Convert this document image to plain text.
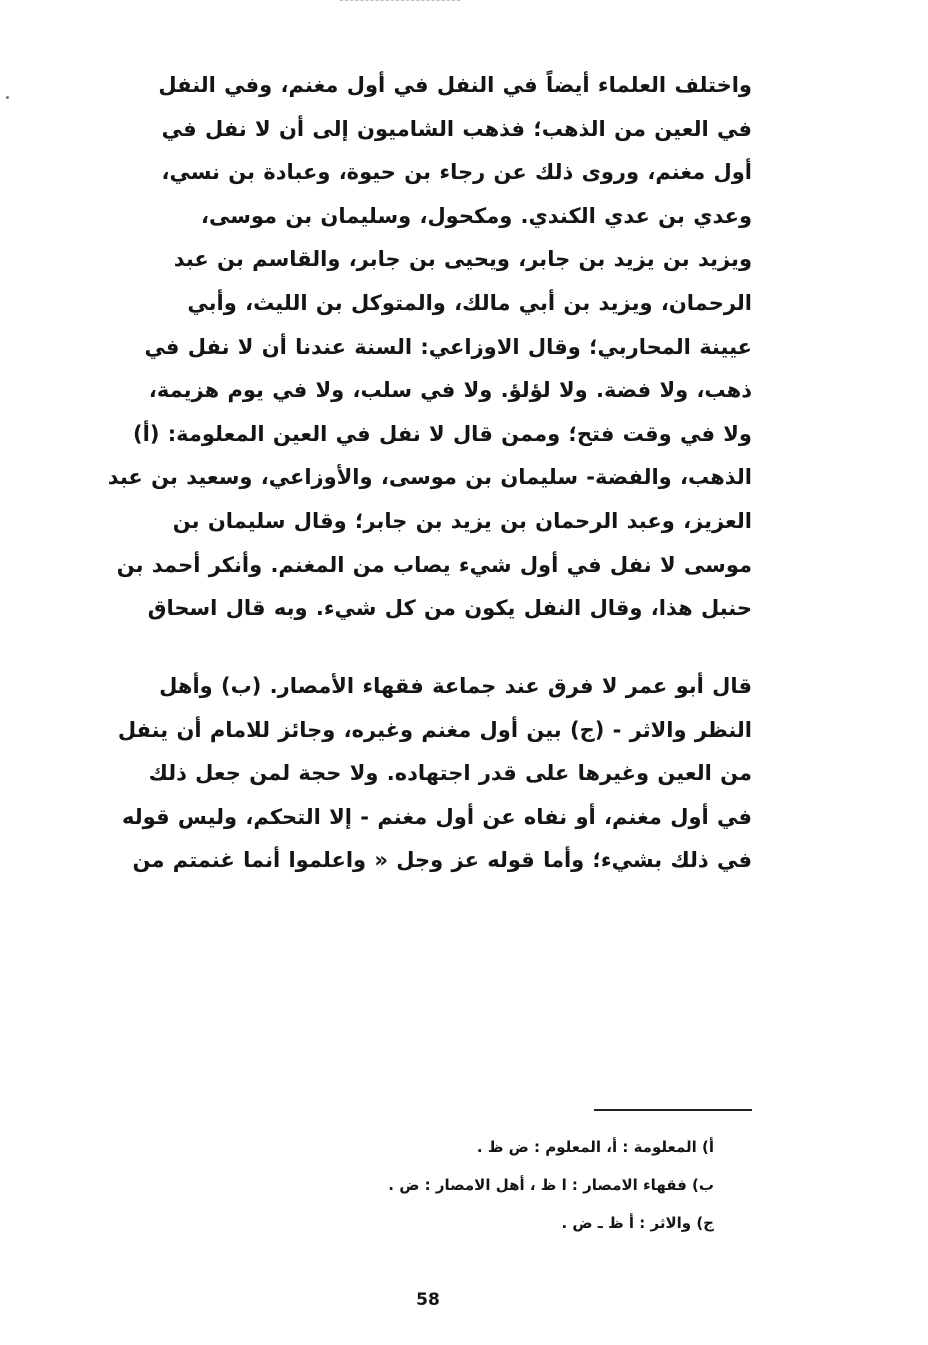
واختلف العلماء أيضاً في النفل في أول مغنم، وفي النفل
في العين من الذهب؛ فذهب الشاميون إلى أن لا نفل في
أول مغنم، وروى ذلك عن رجاء بن حيوة، وعبادة بن نسي،
وعدي بن عدي الكندي. ومكحول، وسليمان بن موسى،
ويزيد بن يزيد بن جابر، ويحيى بن جابر، والقاسم بن عبد
الرحمان، ويزيد بن أبي مالك، والمتوكل بن الليث، وأبي
عيينة المحاربي؛ وقال الاوزاعي: السنة عندنا أن لا نفل في
ذهب، ولا فضة. ولا لؤلؤ. ولا في سلب، ولا في يوم هزيمة،
ولا في وقت فتح؛ وممن قال لا نفل في العين المعلومة: (أ)
الذهب، والفضة- سليمان بن موسى، والأوزاعي، وسعيد بن عبد
العزيز، وعبد الرحمان بن يزيد بن جابر؛ وقال سليمان بن
موسى لا نفل في أول شيء يصاب من المغنم. وأنكر أحمد بن
حنبل هذا، وقال النفل يكون من كل شيء. وبه قال اسحاق
قال أبو عمر لا فرق عند جماعة فقهاء الأمصار. (ب) وأهل
النظر والاثر - (ج) بين أول مغنم وغيره، وجائز للامام أن ينفل
من العين وغيرها على قدر اجتهاده. ولا حجة لمن جعل ذلك
في أول مغنم، أو نفاه عن أول مغنم - إلا التحكم، وليس قوله
في ذلك بشيء؛ وأما قوله عز وجل « واعلموا أنما غنمتم من
أ) المعلومة : أ، المعلوم : ض ظ .
ب) فقهاء الامصار : ا ظ ، أهل الامصار : ض .
ج) والاثر : أ ظ ـ ض .
58
